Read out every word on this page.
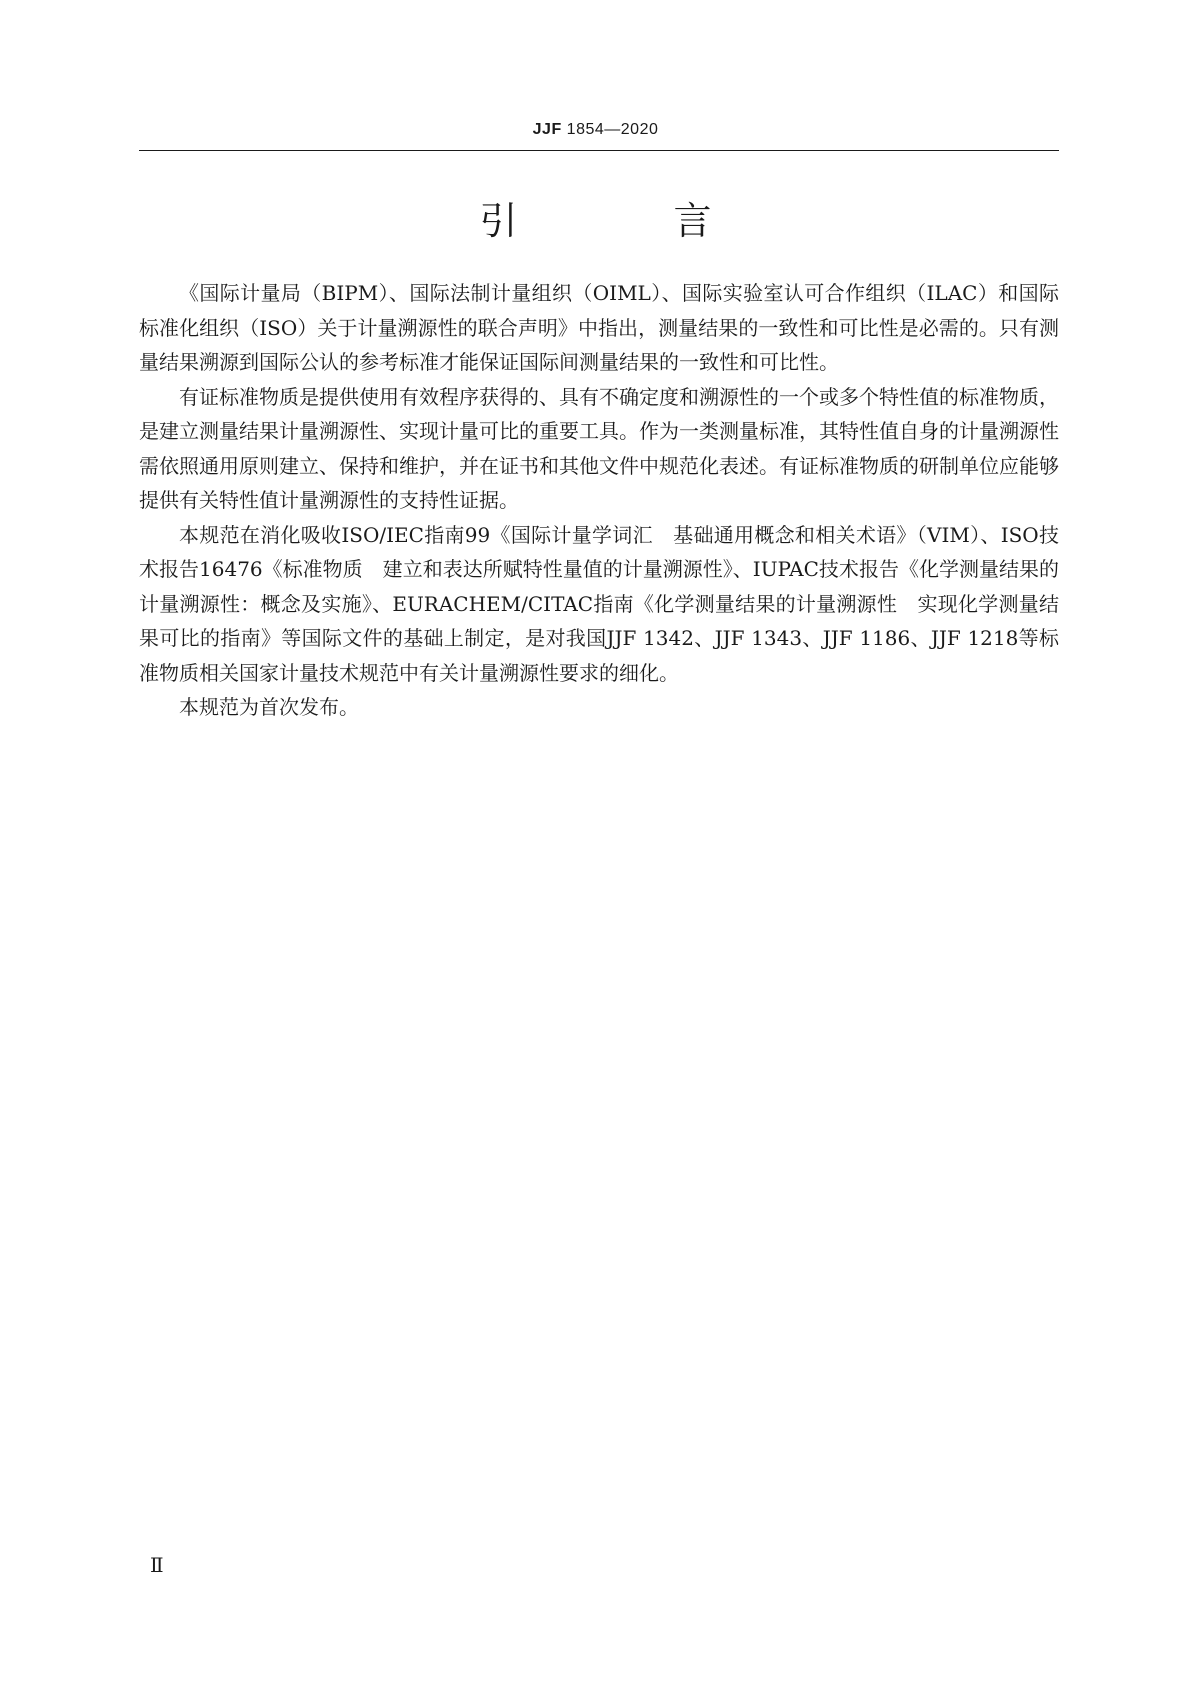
JJF 1854—2020
引 言

《国际计量局（BIPM）、国际法制计量组织（OIML）、国际实验室认可合作组织（ILAC）和国际标准化组织（ISO）关于计量溯源性的联合声明》中指出，测量结果的一致性和可比性是必需的。只有测量结果溯源到国际公认的参考标准才能保证国际间测量结果的一致性和可比性。

有证标准物质是提供使用有效程序获得的、具有不确定度和溯源性的一个或多个特性值的标准物质，是建立测量结果计量溯源性、实现计量可比的重要工具。作为一类测量标准，其特性值自身的计量溯源性需依照通用原则建立、保持和维护，并在证书和其他文件中规范化表述。有证标准物质的研制单位应能够提供有关特性值计量溯源性的支持性证据。

本规范在消化吸收ISO/IEC指南99《国际计量学词汇　基础通用概念和相关术语》（VIM）、ISO技术报告16476《标准物质　建立和表达所赋特性量值的计量溯源性》、IUPAC技术报告《化学测量结果的计量溯源性：概念及实施》、EURACHEM/CITAC指南《化学测量结果的计量溯源性　实现化学测量结果可比的指南》等国际文件的基础上制定，是对我国JJF 1342、JJF 1343、JJF 1186、JJF 1218等标准物质相关国家计量技术规范中有关计量溯源性要求的细化。

本规范为首次发布。

Ⅱ
